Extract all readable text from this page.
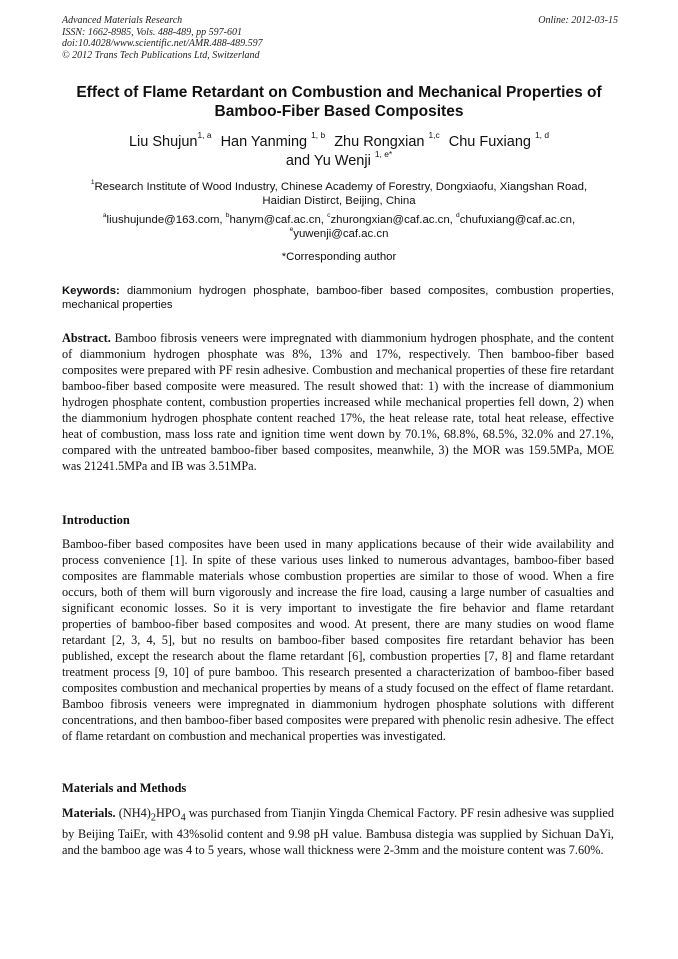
Advanced Materials Research
ISSN: 1662-8985, Vols. 488-489, pp 597-601
doi:10.4028/www.scientific.net/AMR.488-489.597
© 2012 Trans Tech Publications Ltd, Switzerland
Online: 2012-03-15
Effect of Flame Retardant on Combustion and Mechanical Properties of
Bamboo-Fiber Based Composites
Liu Shujun$^{1, a}$ Han Yanming $^{1, b}$ Zhu Rongxian $^{1,c}$ Chu Fuxiang $^{1, d}$
and Yu Wenji $^{1, e*}$
$^1$Research Institute of Wood Industry, Chinese Academy of Forestry, Dongxiaofu, Xiangshan Road,
Haidian Distirct, Beijing, China
$^a$liushujunde@163.com, $^b$hanym@caf.ac.cn, $^c$zhurongxian@caf.ac.cn, $^d$chufuxiang@caf.ac.cn,
$^e$yuwenji@caf.ac.cn
*Corresponding author
Keywords: diammonium hydrogen phosphate, bamboo-fiber based composites, combustion properties, mechanical properties
Abstract. Bamboo fibrosis veneers were impregnated with diammonium hydrogen phosphate, and the content of diammonium hydrogen phosphate was 8%, 13% and 17%, respectively. Then bamboo-fiber based composites were prepared with PF resin adhesive. Combustion and mechanical properties of these fire retardant bamboo-fiber based composite were measured. The result showed that: 1) with the increase of diammonium hydrogen phosphate content, combustion properties increased while mechanical properties fell down, 2) when the diammonium hydrogen phosphate content reached 17%, the heat release rate, total heat release, effective heat of combustion, mass loss rate and ignition time went down by 70.1%, 68.8%, 68.5%, 32.0% and 27.1%, compared with the untreated bamboo-fiber based composites, meanwhile, 3) the MOR was 159.5MPa, MOE was 21241.5MPa and IB was 3.51MPa.
Introduction
Bamboo-fiber based composites have been used in many applications because of their wide availability and process convenience [1]. In spite of these various uses linked to numerous advantages, bamboo-fiber based composites are flammable materials whose combustion properties are similar to those of wood. When a fire occurs, both of them will burn vigorously and increase the fire load, causing a large number of casualties and significant economic losses. So it is very important to investigate the fire behavior and flame retardant properties of bamboo-fiber based composites and wood. At present, there are many studies on wood flame retardant [2, 3, 4, 5], but no results on bamboo-fiber based composites fire retardant behavior has been published, except the research about the flame retardant [6], combustion properties [7, 8] and flame retardant treatment process [9, 10] of pure bamboo. This research presented a characterization of bamboo-fiber based composites combustion and mechanical properties by means of a study focused on the effect of flame retardant. Bamboo fibrosis veneers were impregnated in diammonium hydrogen phosphate solutions with different concentrations, and then bamboo-fiber based composites were prepared with phenolic resin adhesive. The effect of flame retardant on combustion and mechanical properties was investigated.
Materials and Methods
Materials. $(NH4)_2HPO_4$ was purchased from Tianjin Yingda Chemical Factory. PF resin adhesive was supplied by Beijing TaiEr, with 43%solid content and 9.98 pH value. Bambusa distegia was supplied by Sichuan DaYi, and the bamboo age was 4 to 5 years, whose wall thickness were 2-3mm and the moisture content was 7.60%.
